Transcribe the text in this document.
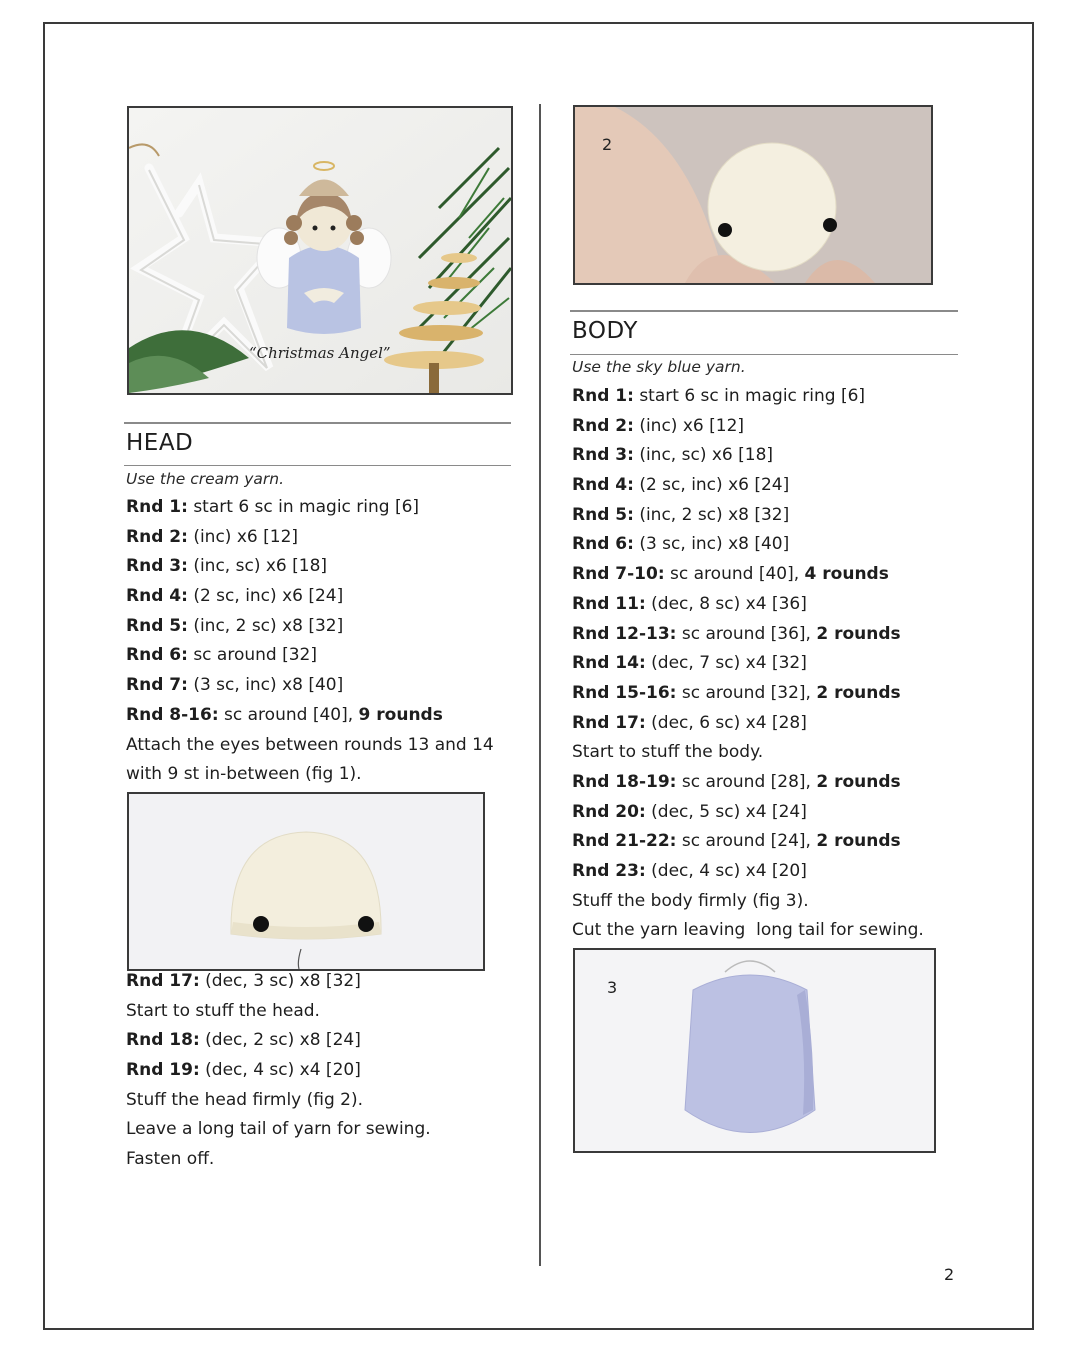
“Christmas Angel”
HEAD
Use the cream yarn.
Rnd 1: start 6 sc in magic ring [6]
Rnd 2: (inc) x6 [12]
Rnd 3: (inc, sc) x6 [18]
Rnd 4: (2 sc, inc) x6 [24]
Rnd 5: (inc, 2 sc) x8 [32]
Rnd 6: sc around [32]
Rnd 7: (3 sc, inc) x8 [40]
Rnd 8-16: sc around [40], 9 rounds
Attach the eyes between rounds 13 and 14
with 9 st in-between (fig 1).
Rnd 17: (dec, 3 sc) x8 [32]
Start to stuff the head.
Rnd 18: (dec, 2 sc) x8 [24]
Rnd 19: (dec, 4 sc) x4 [20]
Stuff the head firmly (fig 2).
Leave a long tail of yarn for sewing.
Fasten off.
2
BODY
Use the sky blue yarn.
Rnd 1: start 6 sc in magic ring [6]
Rnd 2: (inc) x6 [12]
Rnd 3: (inc, sc) x6 [18]
Rnd 4: (2 sc, inc) x6 [24]
Rnd 5: (inc, 2 sc) x8 [32]
Rnd 6: (3 sc, inc) x8 [40]
Rnd 7-10: sc around [40], 4 rounds
Rnd 11: (dec, 8 sc) x4 [36]
Rnd 12-13: sc around [36], 2 rounds
Rnd 14: (dec, 7 sc) x4 [32]
Rnd 15-16: sc around [32], 2 rounds
Rnd 17: (dec, 6 sc) x4 [28]
Start to stuff the body.
Rnd 18-19: sc around [28], 2 rounds
Rnd 20: (dec, 5 sc) x4 [24]
Rnd 21-22: sc around [24], 2 rounds
Rnd 23: (dec, 4 sc) x4 [20]
Stuff the body firmly (fig 3).
Cut the yarn leaving  long tail for sewing.
3
2
